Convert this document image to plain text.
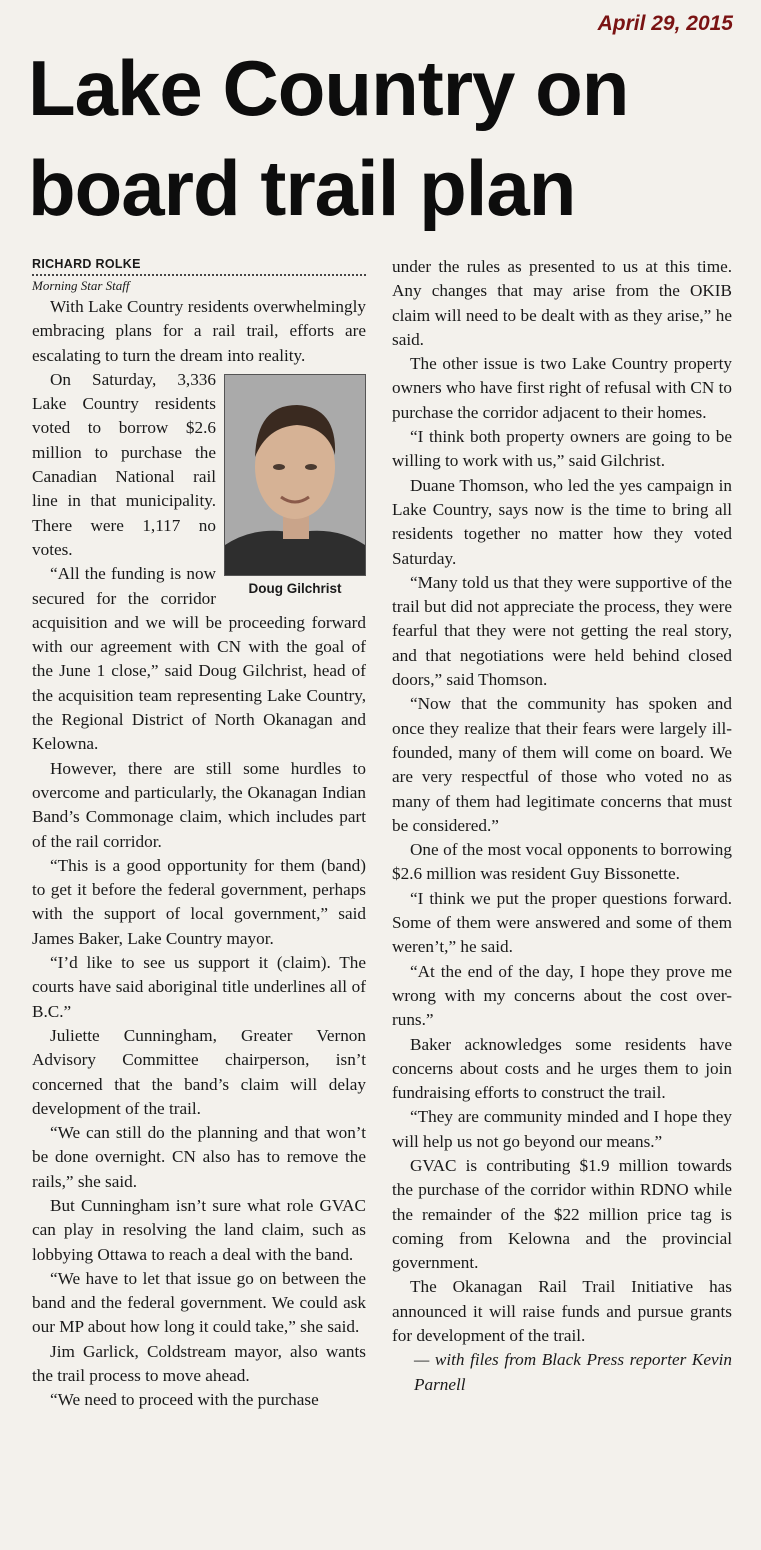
April 29, 2015
Lake Country on board trail plan
RICHARD ROLKE
Morning Star Staff

With Lake Country residents overwhelmingly embracing plans for a rail trail, efforts are escalating to turn the dream into reality.

Doug Gilchrist

On Saturday, 3,336 Lake Country residents voted to borrow $2.6 million to purchase the Canadian National rail line in that municipality. There were 1,117 no votes.

“All the funding is now secured for the corridor acquisition and we will be proceeding forward with our agreement with CN with the goal of the June 1 close,” said Doug Gilchrist, head of the acquisition team representing Lake Country, the Regional District of North Okanagan and Kelowna.

However, there are still some hurdles to overcome and particularly, the Okanagan Indian Band’s Commonage claim, which includes part of the rail corridor.

“This is a good opportunity for them (band) to get it before the federal government, perhaps with the support of local government,” said James Baker, Lake Country mayor.

“I’d like to see us support it (claim). The courts have said aboriginal title underlines all of B.C.”

Juliette Cunningham, Greater Vernon Advisory Committee chairperson, isn’t concerned that the band’s claim will delay development of the trail.

“We can still do the planning and that won’t be done overnight. CN also has to remove the rails,” she said.

But Cunningham isn’t sure what role GVAC can play in resolving the land claim, such as lobbying Ottawa to reach a deal with the band.

“We have to let that issue go on between the band and the federal government. We could ask our MP about how long it could take,” she said.

Jim Garlick, Coldstream mayor, also wants the trail process to move ahead.

“We need to proceed with the purchase

under the rules as presented to us at this time. Any changes that may arise from the OKIB claim will need to be dealt with as they arise,” he said.

The other issue is two Lake Country property owners who have first right of refusal with CN to purchase the corridor adjacent to their homes.

“I think both property owners are going to be willing to work with us,” said Gilchrist.

Duane Thomson, who led the yes campaign in Lake Country, says now is the time to bring all residents together no matter how they voted Saturday.

“Many told us that they were supportive of the trail but did not appreciate the process, they were fearful that they were not getting the real story, and that negotiations were held behind closed doors,” said Thomson.

“Now that the community has spoken and once they realize that their fears were largely ill-founded, many of them will come on board. We are very respectful of those who voted no as many of them had legitimate concerns that must be considered.”

One of the most vocal opponents to borrowing $2.6 million was resident Guy Bissonette.

“I think we put the proper questions forward. Some of them were answered and some of them weren’t,” he said.

“At the end of the day, I hope they prove me wrong with my concerns about the cost over-runs.”

Baker acknowledges some residents have concerns about costs and he urges them to join fundraising efforts to construct the trail.

“They are community minded and I hope they will help us not go beyond our means.”

GVAC is contributing $1.9 million towards the purchase of the corridor within RDNO while the remainder of the $22 million price tag is coming from Kelowna and the provincial government.

The Okanagan Rail Trail Initiative has announced it will raise funds and pursue grants for development of the trail.

— with files from Black Press reporter Kevin Parnell
